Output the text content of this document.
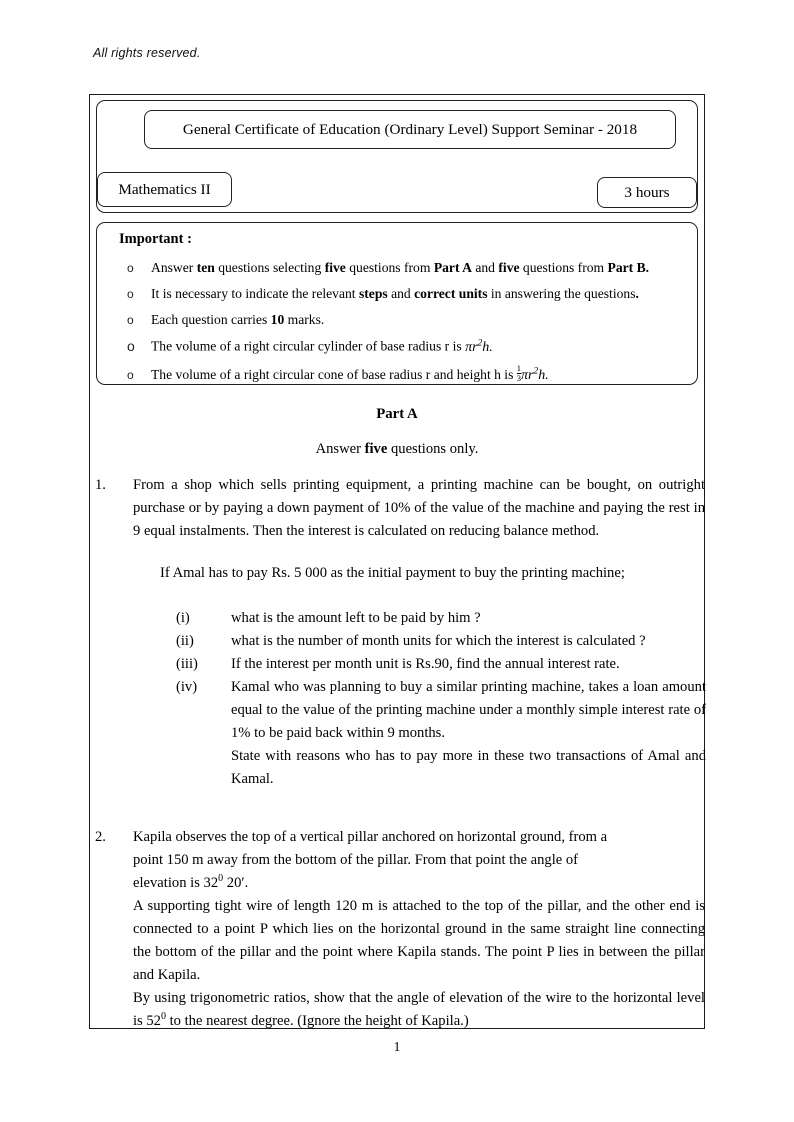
All rights reserved.
General Certificate of Education (Ordinary Level) Support Seminar - 2018
Mathematics II	3 hours
Important :
o	Answer ten questions selecting five questions from Part A and five questions from Part B.
o	It is necessary to indicate the relevant steps and correct units in answering the questions.
o	Each question carries 10 marks.
o	The volume of a right circular cylinder of base radius r is $\pi r^2h$.
o	The volume of a right circular cone of base radius r and height h is $\frac{1}{3} \pi r^2h$.
Part A
Answer five questions only.
1.	From a shop which sells printing equipment, a printing machine can be bought, on outright purchase or by paying a down payment of 10% of the value of the machine and paying the rest in 9 equal instalments. Then the interest is calculated on reducing balance method.
If Amal has to pay Rs. 5 000 as the initial payment to buy the printing machine;
(i)	what is the amount left to be paid by him ?
(ii)	what is the number of month units for which the interest is calculated ?
(iii)	If the interest per month unit is Rs.90, find the annual interest rate.
(iv)	Kamal who was planning to buy a similar printing machine, takes a loan amount equal to the value of the printing machine under a monthly simple interest rate of 1% to be paid back within 9 months.
State with reasons who has to pay more in these two transactions of Amal and Kamal.
2.	Kapila observes the top of a vertical pillar anchored on horizontal ground, from a
point 150 m away from the bottom of the pillar. From that point the angle of
elevation is $32^0$ 20′.
A supporting tight wire of length 120 m is attached to the top of the pillar, and the other end is connected to a point P which lies on the horizontal ground in the same straight line connecting the bottom of the pillar and the point where Kapila stands. The point P lies in between the pillar and Kapila.
By using trigonometric ratios, show that the angle of elevation of the wire to the horizontal level is $52^0$ to the nearest degree. (Ignore the height of Kapila.)
1
